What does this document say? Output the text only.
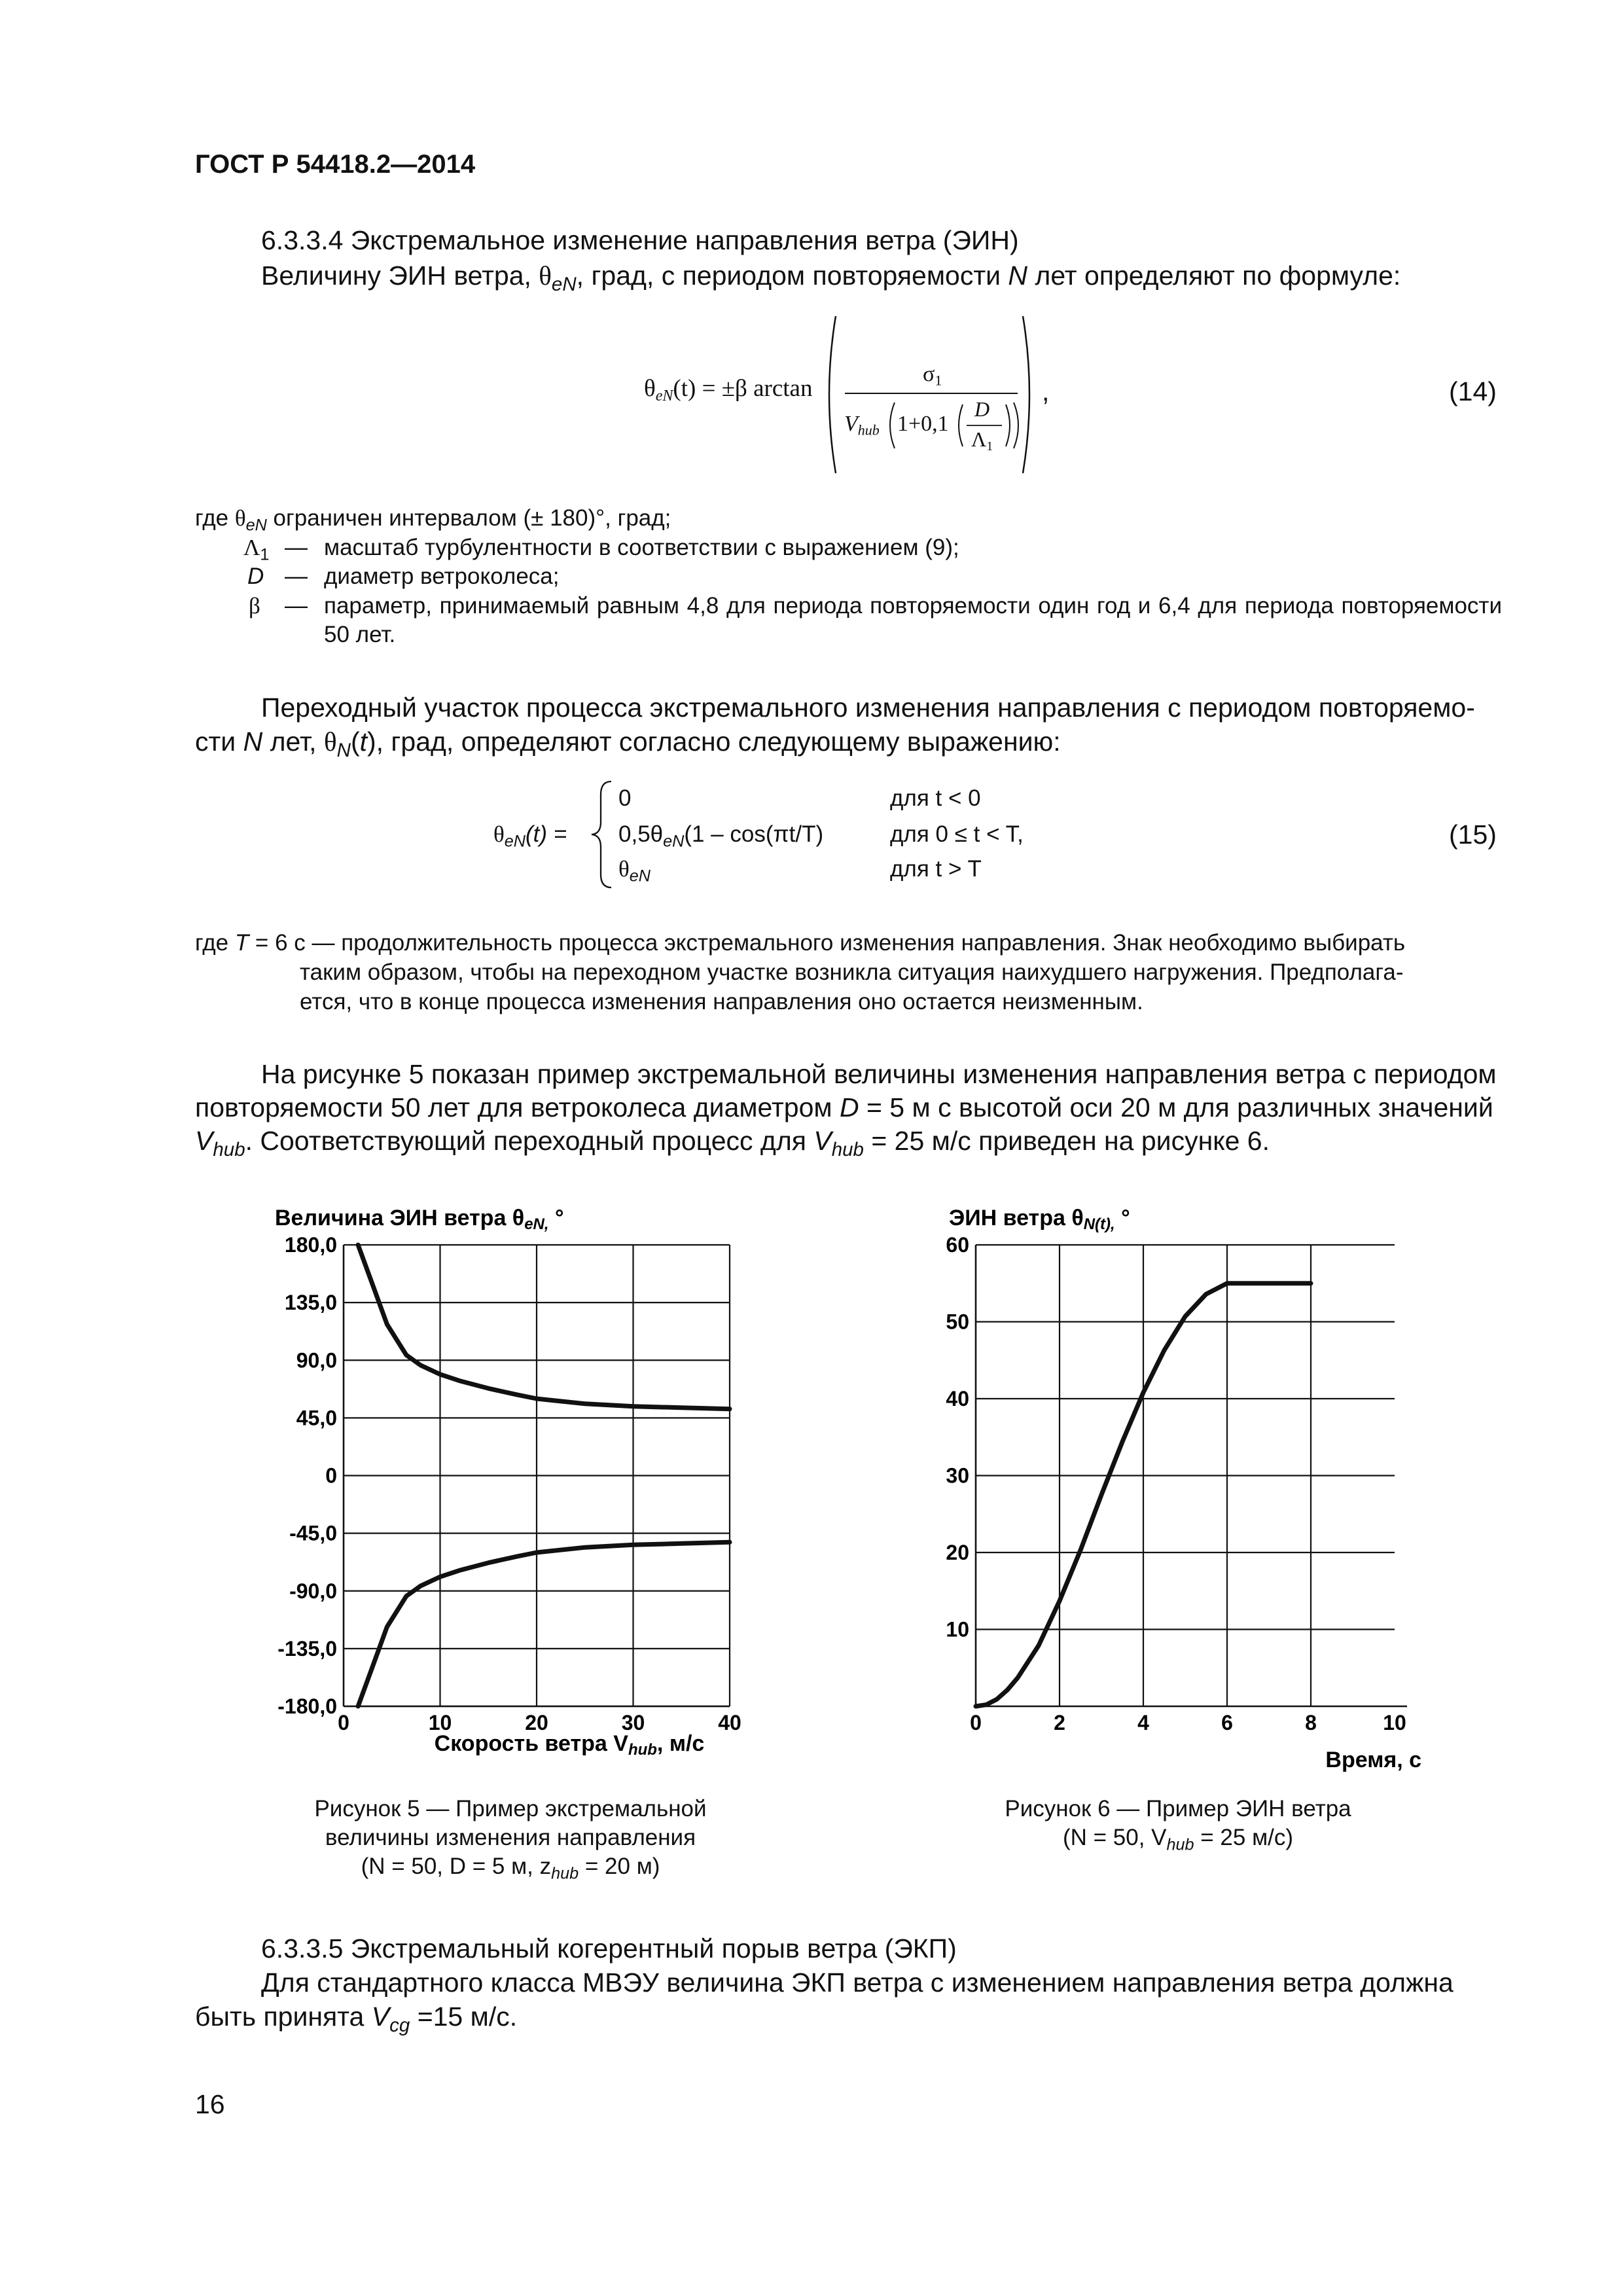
ГОСТ Р 54418.2—2014
6.3.3.4 Экстремальное изменение направления ветра (ЭИН)
Величину ЭИН ветра, $\theta_{eN}$, град, с периодом повторяемости N лет определяют по формуле:
$\theta_{eN}(t) = \pm\beta$ arctan
$\sigma_1$
$V_{hub}$ 1+0,1
D
$\Lambda_1$
,	(14)
где $\theta_{eN}$ ограничен интервалом (± 180)°, град;
$\Lambda_1$ — масштаб турбулентности в соответствии с выражением (9);
D — диаметр ветроколеса;
β — параметр, принимаемый равным 4,8 для периода повторяемости один год и 6,4 для периода повторяемости 50 лет.
Переходный участок процесса экстремального изменения направления с периодом повторяемо-
сти N лет, $\theta_N(t)$, град, определяют согласно следующему выражению:
$\theta_{eN}(t)$ =
0	для t < 0
$0,5\theta_{eN}(1 - \cos(\pi t/T)$	для 0 ≤ t < T,
$\theta_{eN}$	для t > T
(15)
где T = 6 с — продолжительность процесса экстремального изменения направления. Знак необходимо выбирать
таким образом, чтобы на переходном участке возникла ситуация наихудшего нагружения. Предполага-
ется, что в конце процесса изменения направления оно остается неизменным.
На рисунке 5 показан пример экстремальной величины изменения направления ветра с периодом
повторяемости 50 лет для ветроколеса диаметром D = 5 м с высотой оси 20 м для различных значений
$V_{hub}$. Соответствующий переходный процесс для $V_{hub} = 25$ м/с приведен на рисунке 6.
Величина ЭИН ветра θeN, °
180,0
135,0
90,0
45,0
0
-45,0
-90,0
-135,0
-180,0
0	10	20	30	40
Скорость ветра Vhub, м/с
ЭИН ветра θN(t), °
60
50
40
30
20
10
0	2	4	6	8	10
Время, с
Рисунок 5 — Пример экстремальной
величины изменения направления
(N = 50, D = 5 м, $z_{hub} = 20$ м)
Рисунок 6 — Пример ЭИН ветра
(N = 50, $V_{hub} = 25$ м/с)
6.3.3.5 Экстремальный когерентный порыв ветра (ЭКП)
Для стандартного класса МВЭУ величина ЭКП ветра с изменением направления ветра должна
быть принята $V_{cg} =15$ м/с.
16
